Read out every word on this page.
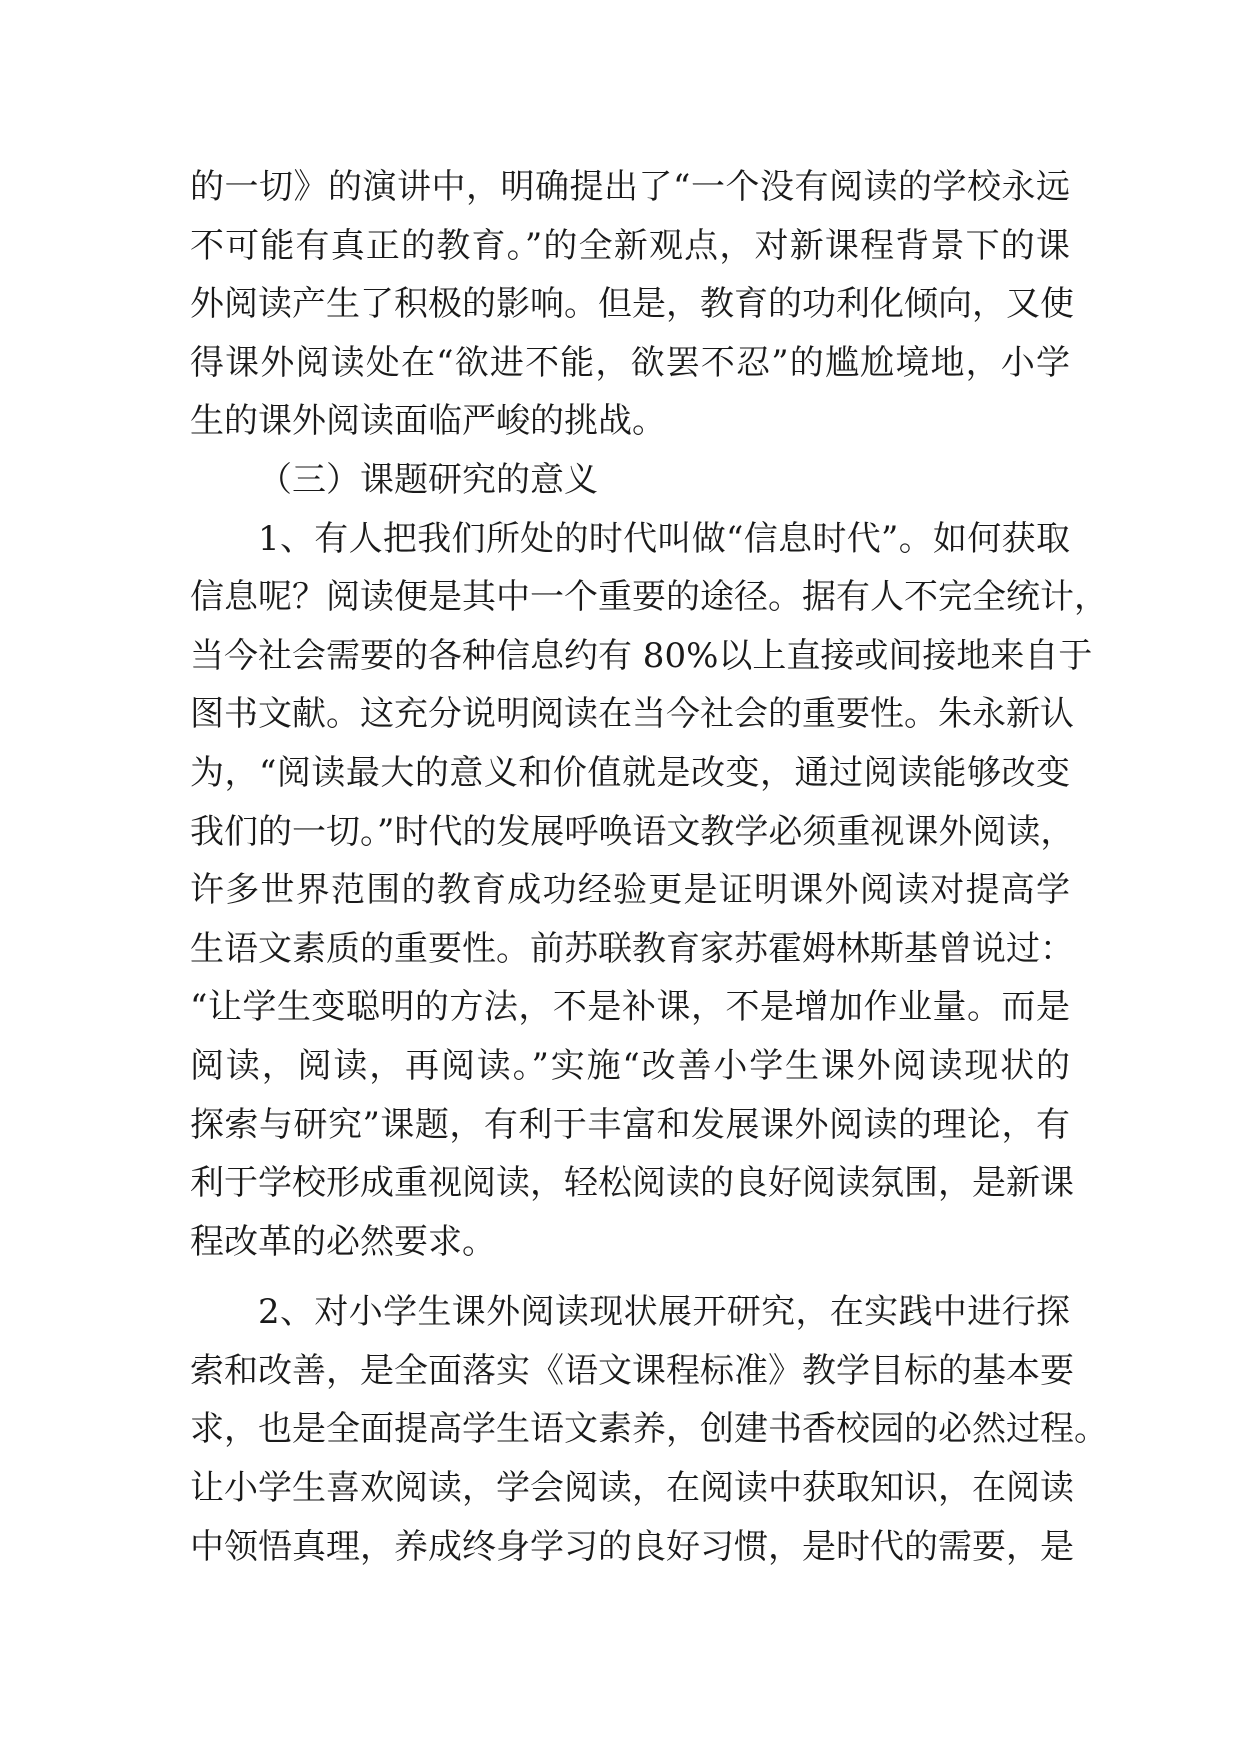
的一切》的演讲中，明确提出了“一个没有阅读的学校永远
不可能有真正的教育。”的全新观点，对新课程背景下的课
外阅读产生了积极的影响。但是，教育的功利化倾向，又使
得课外阅读处在“欲进不能，欲罢不忍”的尴尬境地，小学
生的课外阅读面临严峻的挑战。
（三）课题研究的意义
1、有人把我们所处的时代叫做“信息时代”。如何获取
信息呢？阅读便是其中一个重要的途径。据有人不完全统计，
当今社会需要的各种信息约有 80%以上直接或间接地来自于
图书文献。这充分说明阅读在当今社会的重要性。朱永新认
为，“阅读最大的意义和价值就是改变，通过阅读能够改变
我们的一切。”时代的发展呼唤语文教学必须重视课外阅读，
许多世界范围的教育成功经验更是证明课外阅读对提高学
生语文素质的重要性。前苏联教育家苏霍姆林斯基曾说过：
“让学生变聪明的方法，不是补课，不是增加作业量。而是
阅读，阅读，再阅读。”实施“改善小学生课外阅读现状的
探索与研究”课题，有利于丰富和发展课外阅读的理论，有
利于学校形成重视阅读，轻松阅读的良好阅读氛围，是新课
程改革的必然要求。
2、对小学生课外阅读现状展开研究，在实践中进行探
索和改善，是全面落实《语文课程标准》教学目标的基本要
求，也是全面提高学生语文素养，创建书香校园的必然过程。
让小学生喜欢阅读，学会阅读，在阅读中获取知识，在阅读
中领悟真理，养成终身学习的良好习惯，是时代的需要，是
